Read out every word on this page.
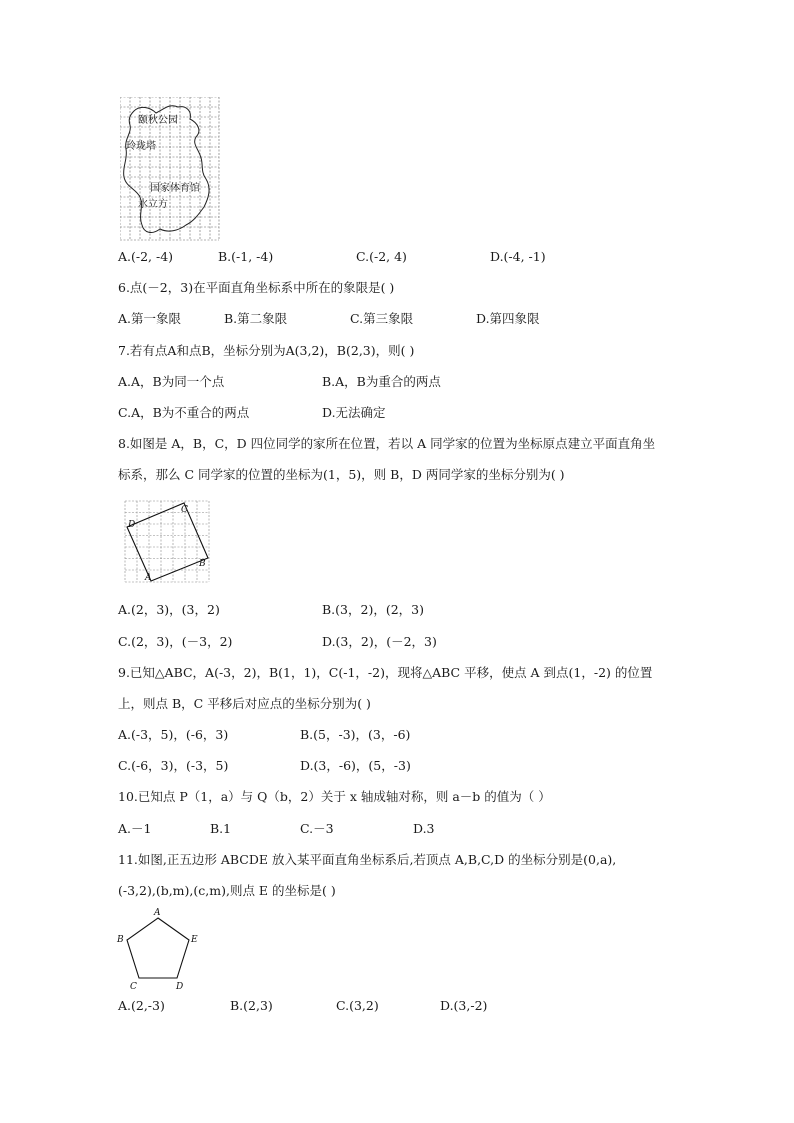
颐秋公园
玲珑塔
国家体育馆
水立方
A.(-2, -4)	B.(-1, -4)	C.(-2, 4)	D.(-4, -1)
6.点(－2，3)在平面直角坐标系中所在的象限是( )
A.第一象限	B.第二象限	C.第三象限	D.第四象限
7.若有点A和点B，坐标分别为A(3,2)，B(2,3)，则( )
A.A，B为同一个点	B.A，B为重合的两点
C.A，B为不重合的两点	D.无法确定
8.如图是 A，B，C，D 四位同学的家所在位置，若以 A 同学家的位置为坐标原点建立平面直角坐
标系，那么 C 同学家的位置的坐标为(1，5)，则 B，D 两同学家的坐标分别为( )
C
D
B
A
A.(2，3)，(3，2)	B.(3，2)，(2，3)
C.(2，3)，(－3，2)	D.(3，2)，(－2，3)
9.已知△ABC，A(-3，2)，B(1，1)，C(-1，-2)，现将△ABC 平移，使点 A 到点(1，-2) 的位置
上，则点 B，C 平移后对应点的坐标分别为( )
A.(-3，5)，(-6，3)	B.(5，-3)，(3，-6)
C.(-6，3)，(-3，5)	D.(3，-6)，(5，-3)
10.已知点 P（1，a）与 Q（b，2）关于 x 轴成轴对称，则 a－b 的值为（ ）
A.－1	B.1	C.－3	D.3
11.如图,正五边形 ABCDE 放入某平面直角坐标系后,若顶点 A,B,C,D 的坐标分别是(0,a),
(-3,2),(b,m),(c,m),则点 E 的坐标是( )
A
B	E
C	D
A.(2,-3)	B.(2,3)	C.(3,2)	D.(3,-2)
